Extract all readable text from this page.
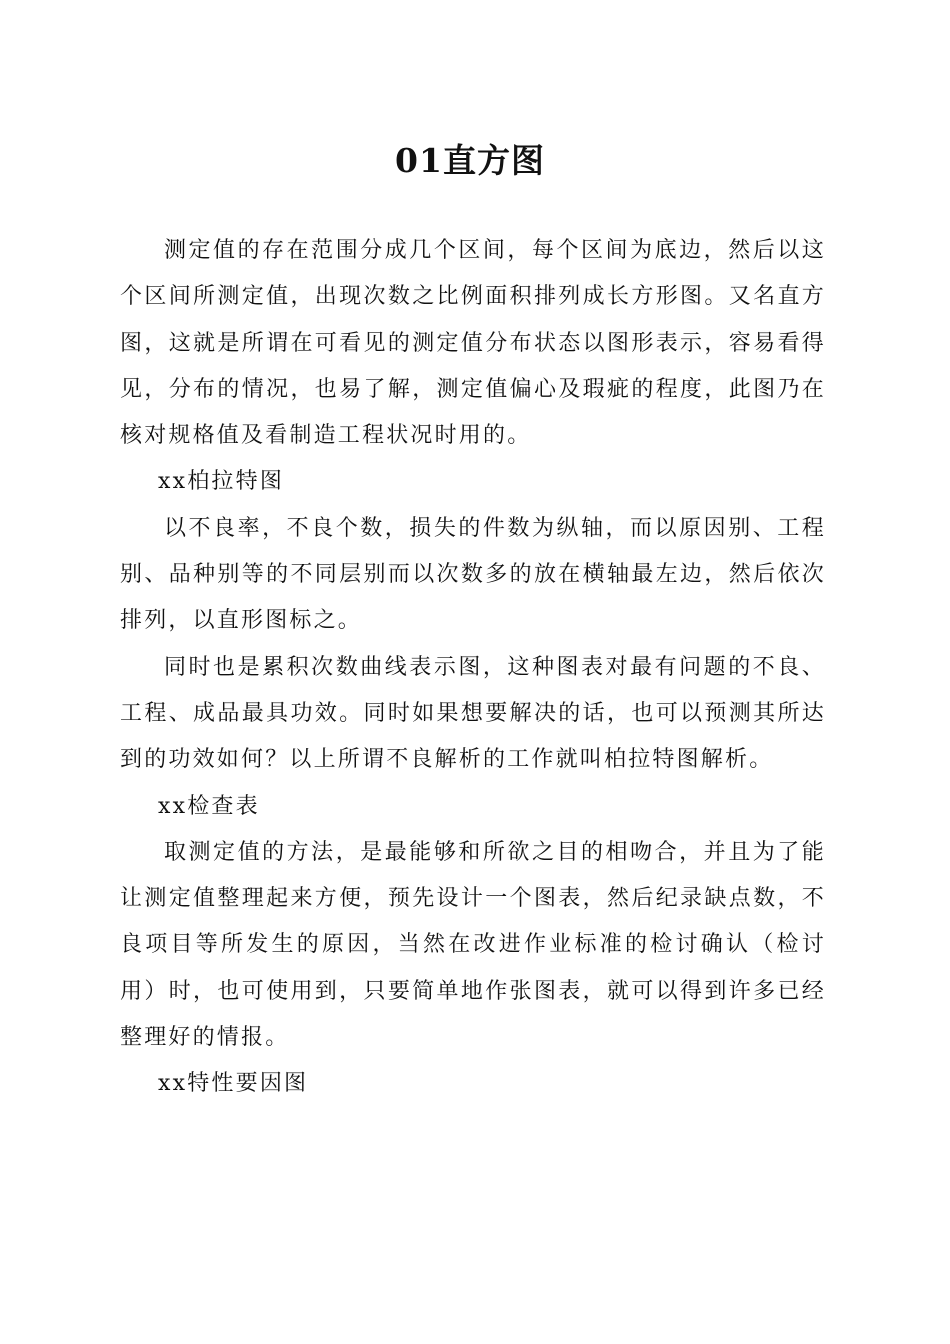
01直方图

测定值的存在范围分成几个区间，每个区间为底边，然后以这个区间所测定值，出现次数之比例面积排列成长方形图。又名直方图，这就是所谓在可看见的测定值分布状态以图形表示，容易看得见，分布的情况，也易了解，测定值偏心及瑕疵的程度，此图乃在核对规格值及看制造工程状况时用的。

xx柏拉特图

以不良率，不良个数，损失的件数为纵轴，而以原因别、工程别、品种别等的不同层别而以次数多的放在横轴最左边，然后依次排列，以直形图标之。

同时也是累积次数曲线表示图，这种图表对最有问题的不良、工程、成品最具功效。同时如果想要解决的话，也可以预测其所达到的功效如何？以上所谓不良解析的工作就叫柏拉特图解析。

xx检查表

取测定值的方法，是最能够和所欲之目的相吻合，并且为了能让测定值整理起来方便，预先设计一个图表，然后纪录缺点数，不良项目等所发生的原因，当然在改进作业标准的检讨确认（检讨用）时，也可使用到，只要简单地作张图表，就可以得到许多已经整理好的情报。

xx特性要因图
